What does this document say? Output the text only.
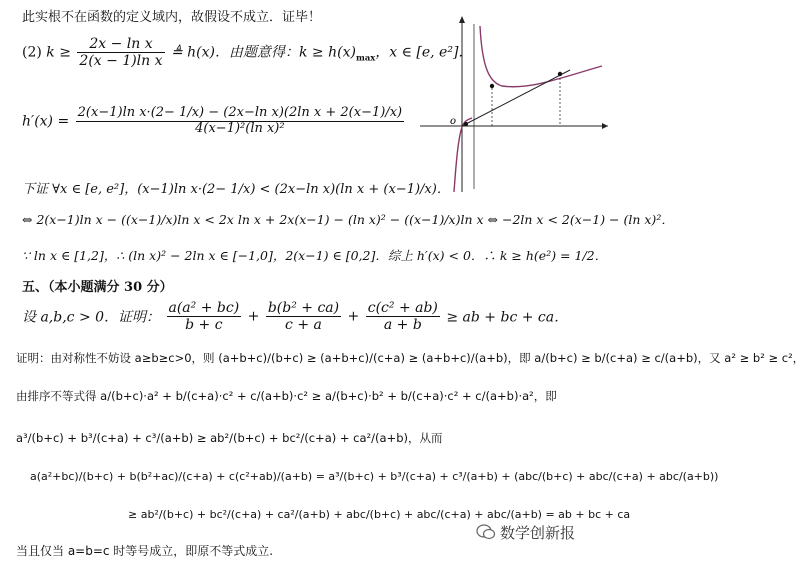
此实根不在函数的定义域内，故假设不成立．证毕！
(2) $k \ge \frac{\text{2x − ln x}}{\text{2(x − 1)ln x}}$ ≜ h(x)．由题意得：$k \ge h(x)_{max}$，x ∈ [e, e²]．
$h'(x) = \frac{\text{2(x−1)ln x·(2− 1/x) − (2x−ln x)(2ln x + 2(x−1)/x)}}{\text{4(x−1)²(ln x)²}}$
下证 ∀x ∈ [e, e²]，(x−1)ln x·(2− 1/x) < (2x−ln x)(ln x + (x−1)/x)．
⇔ 2(x−1)ln x − ((x−1)/x)ln x < 2x ln x + 2x(x−1) − (ln x)² − ((x−1)/x)ln x ⇔ −2ln x < 2(x−1) − (ln x)²．
∵ ln x ∈ [1,2]，∴ (ln x)² − 2ln x ∈ [−1,0]，2(x−1) ∈ [0,2]．综上 h′(x) < 0．∴ k ≥ h(e²) = 1/2．
五、（本小题满分 30 分）
设 a,b,c > 0．证明： $\frac{\text{a(a² + bc)}}{b + c} + \frac{\text{b(b² + ca)}}{c + a} + \frac{\text{c(c² + ab)}}{a + b}$ ≥ ab + bc + ca．
证明：由对称性不妨设 a≥b≥c>0，则 (a+b+c)/(b+c) ≥ (a+b+c)/(c+a) ≥ (a+b+c)/(a+b)，即 a/(b+c) ≥ b/(c+a) ≥ c/(a+b)，又 a² ≥ b² ≥ c²，
由排序不等式得 a/(b+c)·a² + b/(c+a)·c² + c/(a+b)·c² ≥ a/(b+c)·b² + b/(c+a)·c² + c/(a+b)·a²，即
a³/(b+c) + b³/(c+a) + c³/(a+b) ≥ ab²/(b+c) + bc²/(c+a) + ca²/(a+b)，从而
a(a²+bc)/(b+c) + b(b²+ac)/(c+a) + c(c²+ab)/(a+b) = a³/(b+c) + b³/(c+a) + c³/(a+b) + (abc/(b+c) + abc/(c+a) + abc/(a+b))
≥ ab²/(b+c) + bc²/(c+a) + ca²/(a+b) + abc/(b+c) + abc/(c+a) + abc/(a+b) = ab + bc + ca
当且仅当 a=b=c 时等号成立，即原不等式成立.
o
数学创新报
